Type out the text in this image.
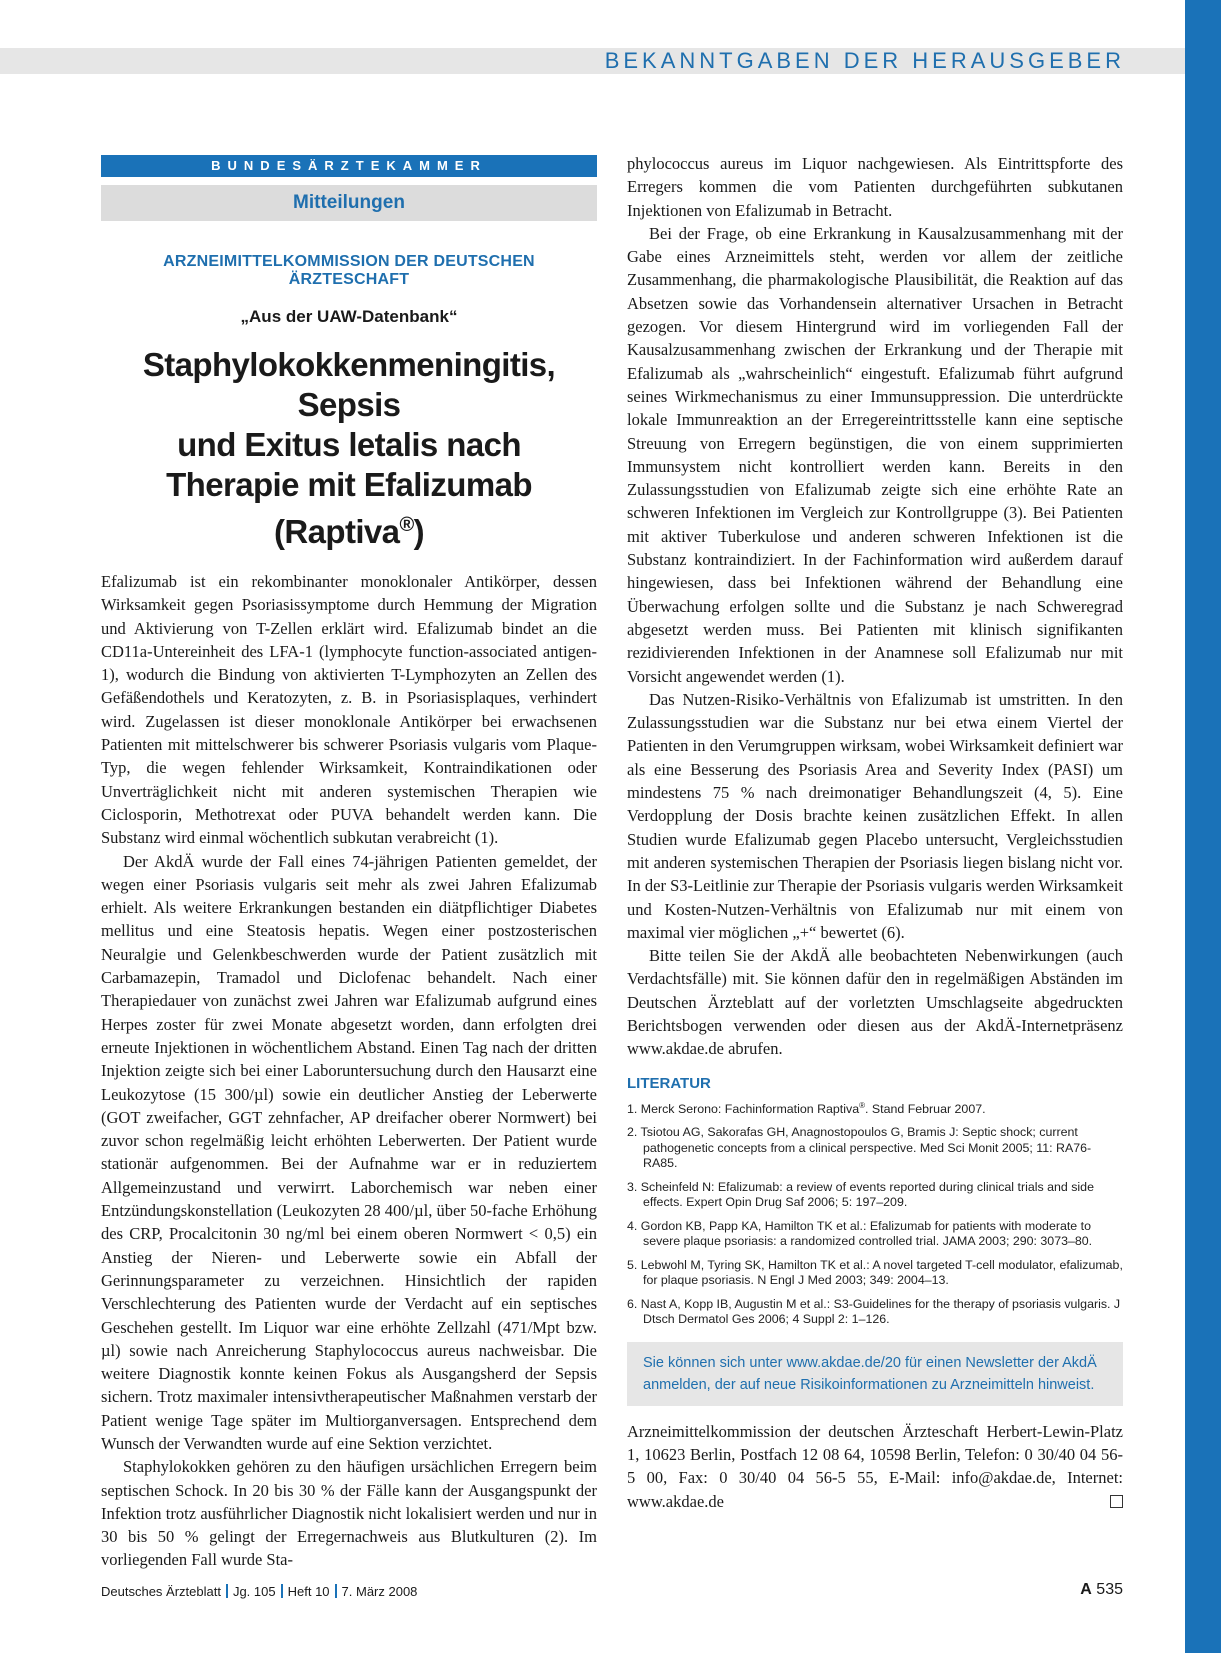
BEKANNTGABEN DER HERAUSGEBER
BUNDESÄRZTEKAMMER
Mitteilungen
ARZNEIMITTELKOMMISSION DER DEUTSCHEN ÄRZTESCHAFT
„Aus der UAW-Datenbank“
Staphylokokkenmeningitis, Sepsis
und Exitus letalis nach
Therapie mit Efalizumab (Raptiva®)

Efalizumab ist ein rekombinanter monoklonaler Antikörper, dessen Wirksamkeit gegen Psoriasissymptome durch Hemmung der Migration und Aktivierung von T-Zellen erklärt wird. Efalizumab bindet an die CD11a-Untereinheit des LFA-1 (lymphocyte function-associated antigen-1), wodurch die Bindung von aktivierten T-Lymphozyten an Zellen des Gefäßendothels und Keratozyten, z. B. in Psoriasisplaques, verhindert wird. Zugelassen ist dieser monoklonale Antikörper bei erwachsenen Patienten mit mittelschwerer bis schwerer Psoriasis vulgaris vom Plaque-Typ, die wegen fehlender Wirksamkeit, Kontraindikationen oder Unverträglichkeit nicht mit anderen systemischen Therapien wie Ciclosporin, Methotrexat oder PUVA behandelt werden kann. Die Substanz wird einmal wöchentlich subkutan verabreicht (1).

Der AkdÄ wurde der Fall eines 74-jährigen Patienten gemeldet, der wegen einer Psoriasis vulgaris seit mehr als zwei Jahren Efalizumab erhielt. Als weitere Erkrankungen bestanden ein diätpflichtiger Diabetes mellitus und eine Steatosis hepatis. Wegen einer postzosterischen Neuralgie und Gelenkbeschwerden wurde der Patient zusätzlich mit Carbamazepin, Tramadol und Diclofenac behandelt. Nach einer Therapiedauer von zunächst zwei Jahren war Efalizumab aufgrund eines Herpes zoster für zwei Monate abgesetzt worden, dann erfolgten drei erneute Injektionen in wöchentlichem Abstand. Einen Tag nach der dritten Injektion zeigte sich bei einer Laboruntersuchung durch den Hausarzt eine Leukozytose (15 300/µl) sowie ein deutlicher Anstieg der Leberwerte (GOT zweifacher, GGT zehnfacher, AP dreifacher oberer Normwert) bei zuvor schon regelmäßig leicht erhöhten Leberwerten. Der Patient wurde stationär aufgenommen. Bei der Aufnahme war er in reduziertem Allgemeinzustand und verwirrt. Laborchemisch war neben einer Entzündungskonstellation (Leukozyten 28 400/µl, über 50-fache Erhöhung des CRP, Procalcitonin 30 ng/ml bei einem oberen Normwert < 0,5) ein Anstieg der Nieren- und Leberwerte sowie ein Abfall der Gerinnungsparameter zu verzeichnen. Hinsichtlich der rapiden Verschlechterung des Patienten wurde der Verdacht auf ein septisches Geschehen gestellt. Im Liquor war eine erhöhte Zellzahl (471/Mpt bzw. µl) sowie nach Anreicherung Staphylococcus aureus nachweisbar. Die weitere Diagnostik konnte keinen Fokus als Ausgangsherd der Sepsis sichern. Trotz maximaler intensivtherapeutischer Maßnahmen verstarb der Patient wenige Tage später im Multiorganversagen. Entsprechend dem Wunsch der Verwandten wurde auf eine Sektion verzichtet.

Staphylokokken gehören zu den häufigen ursächlichen Erregern beim septischen Schock. In 20 bis 30 % der Fälle kann der Ausgangspunkt der Infektion trotz ausführlicher Diagnostik nicht lokalisiert werden und nur in 30 bis 50 % gelingt der Erregernachweis aus Blutkulturen (2). Im vorliegenden Fall wurde Sta-

phylococcus aureus im Liquor nachgewiesen. Als Eintrittspforte des Erregers kommen die vom Patienten durchgeführten subkutanen Injektionen von Efalizumab in Betracht.

Bei der Frage, ob eine Erkrankung in Kausalzusammenhang mit der Gabe eines Arzneimittels steht, werden vor allem der zeitliche Zusammenhang, die pharmakologische Plausibilität, die Reaktion auf das Absetzen sowie das Vorhandensein alternativer Ursachen in Betracht gezogen. Vor diesem Hintergrund wird im vorliegenden Fall der Kausalzusammenhang zwischen der Erkrankung und der Therapie mit Efalizumab als „wahrscheinlich“ eingestuft. Efalizumab führt aufgrund seines Wirkmechanismus zu einer Immunsuppression. Die unterdrückte lokale Immunreaktion an der Erregereintrittsstelle kann eine septische Streuung von Erregern begünstigen, die von einem supprimierten Immunsystem nicht kontrolliert werden kann. Bereits in den Zulassungsstudien von Efalizumab zeigte sich eine erhöhte Rate an schweren Infektionen im Vergleich zur Kontrollgruppe (3). Bei Patienten mit aktiver Tuberkulose und anderen schweren Infektionen ist die Substanz kontraindiziert. In der Fachinformation wird außerdem darauf hingewiesen, dass bei Infektionen während der Behandlung eine Überwachung erfolgen sollte und die Substanz je nach Schweregrad abgesetzt werden muss. Bei Patienten mit klinisch signifikanten rezidivierenden Infektionen in der Anamnese soll Efalizumab nur mit Vorsicht angewendet werden (1).

Das Nutzen-Risiko-Verhältnis von Efalizumab ist umstritten. In den Zulassungsstudien war die Substanz nur bei etwa einem Viertel der Patienten in den Verumgruppen wirksam, wobei Wirksamkeit definiert war als eine Besserung des Psoriasis Area and Severity Index (PASI) um mindestens 75 % nach dreimonatiger Behandlungszeit (4, 5). Eine Verdopplung der Dosis brachte keinen zusätzlichen Effekt. In allen Studien wurde Efalizumab gegen Placebo untersucht, Vergleichsstudien mit anderen systemischen Therapien der Psoriasis liegen bislang nicht vor. In der S3-Leitlinie zur Therapie der Psoriasis vulgaris werden Wirksamkeit und Kosten-Nutzen-Verhältnis von Efalizumab nur mit einem von maximal vier möglichen „+“ bewertet (6).

Bitte teilen Sie der AkdÄ alle beobachteten Nebenwirkungen (auch Verdachtsfälle) mit. Sie können dafür den in regelmäßigen Abständen im Deutschen Ärzteblatt auf der vorletzten Umschlagseite abgedruckten Berichtsbogen verwenden oder diesen aus der AkdÄ-Internetpräsenz www.akdae.de abrufen.

LITERATUR
1. Merck Serono: Fachinformation Raptiva®. Stand Februar 2007.
2. Tsiotou AG, Sakorafas GH, Anagnostopoulos G, Bramis J: Septic shock; current pathogenetic concepts from a clinical perspective. Med Sci Monit 2005; 11: RA76-RA85.
3. Scheinfeld N: Efalizumab: a review of events reported during clinical trials and side effects. Expert Opin Drug Saf 2006; 5: 197–209.
4. Gordon KB, Papp KA, Hamilton TK et al.: Efalizumab for patients with moderate to severe plaque psoriasis: a randomized controlled trial. JAMA 2003; 290: 3073–80.
5. Lebwohl M, Tyring SK, Hamilton TK et al.: A novel targeted T-cell modulator, efalizumab, for plaque psoriasis. N Engl J Med 2003; 349: 2004–13.
6. Nast A, Kopp IB, Augustin M et al.: S3-Guidelines for the therapy of psoriasis vulgaris. J Dtsch Dermatol Ges 2006; 4 Suppl 2: 1–126.
Sie können sich unter www.akdae.de/20 für einen Newsletter der AkdÄ anmelden, der auf neue Risikoinformationen zu Arzneimitteln hinweist.
Arzneimittelkommission der deutschen Ärzteschaft Herbert-Lewin-Platz 1, 10623 Berlin, Postfach 12 08 64, 10598 Berlin, Telefon: 0 30/40 04 56-5 00, Fax: 0 30/40 04 56-5 55, E-Mail: info@akdae.de, Internet: www.akdae.de
Deutsches Ärzteblatt Jg. 105 Heft 10 7. März 2008	A 535
